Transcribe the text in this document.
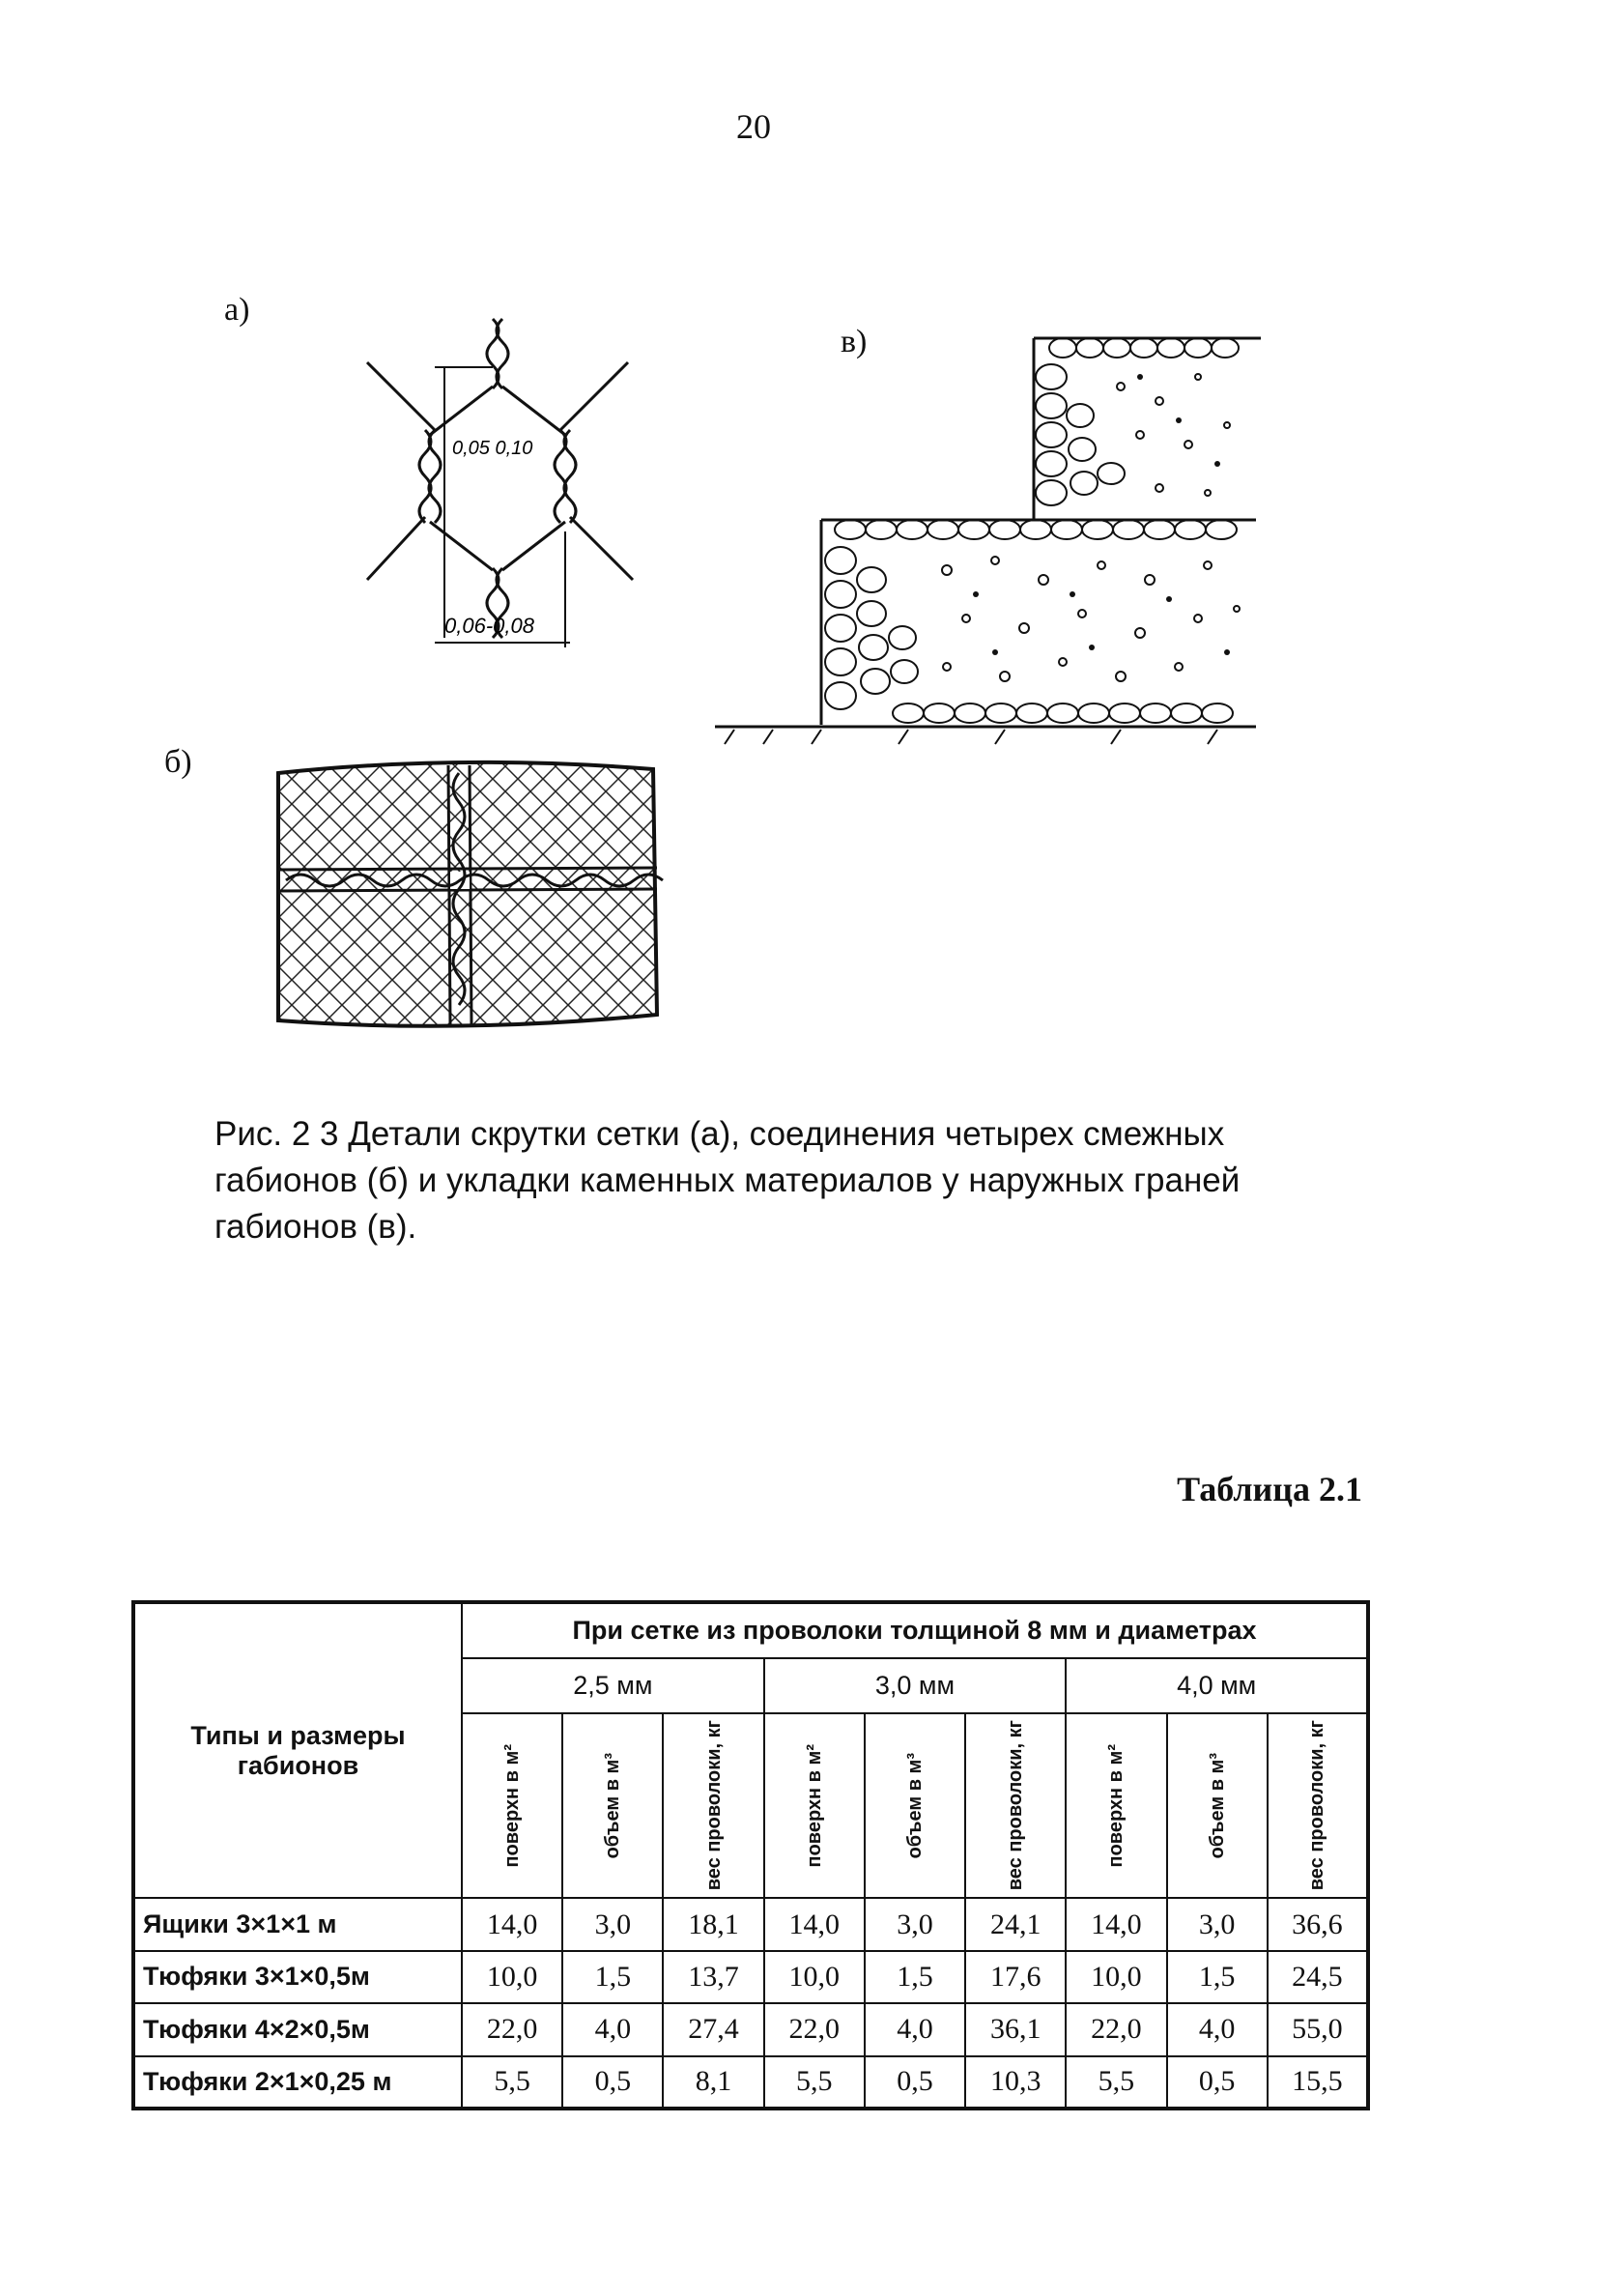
20
а)
0,05 0,10
0,06-0,08
б)
в)
Рис. 2 3 Детали скрутки сетки (а), соединения четырех смежных габионов (б) и укладки каменных материалов у наружных граней габионов (в).
Таблица 2.1
Типы и размеры габионов	При сетке из проволоки толщиной 8 мм и диаметрах								
	2,5 мм			3,0 мм			4,0 мм		

	поверхн в м²	объем в м³	вес проволоки, кг	поверхн в м²	объем в м³	вес проволоки, кг	поверхн в м²	объем в м³	вес проволоки, кг

Ящики 3×1×1 м	14,0	3,0	18,1	14,0	3,0	24,1	14,0	3,0	36,6
Тюфяки 3×1×0,5м	10,0	1,5	13,7	10,0	1,5	17,6	10,0	1,5	24,5
Тюфяки 4×2×0,5м	22,0	4,0	27,4	22,0	4,0	36,1	22,0	4,0	55,0
Тюфяки 2×1×0,25 м	5,5	0,5	8,1	5,5	0,5	10,3	5,5	0,5	15,5
